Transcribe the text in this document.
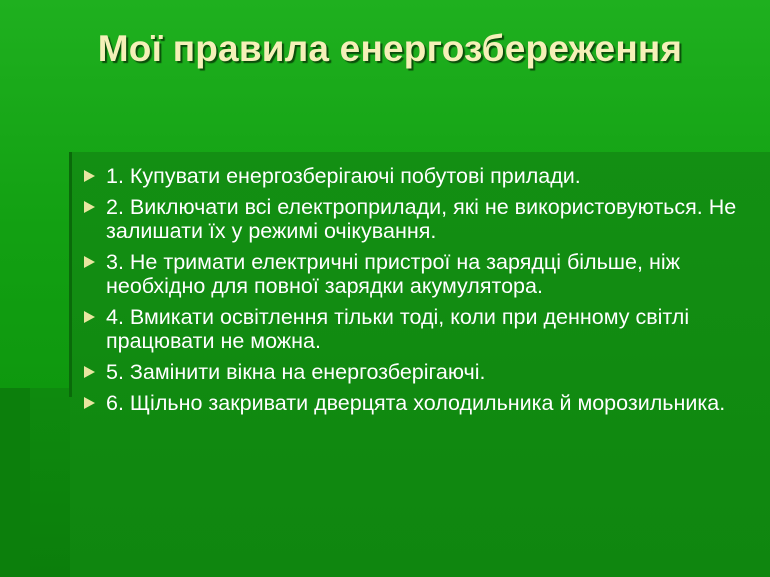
Мої правила енергозбереження
1. Купувати енергозберігаючі побутові прилади.
2. Виключати всі електроприлади, які не використовуються. Не залишати їх у режимі очікування.
3. Не тримати електричні пристрої на зарядці більше, ніж необхідно для повної зарядки акумулятора.
4. Вмикати освітлення тільки тоді, коли при денному світлі працювати не можна.
5. Замінити вікна на енергозберігаючі.
6. Щільно закривати дверцята холодильника й морозильника.
